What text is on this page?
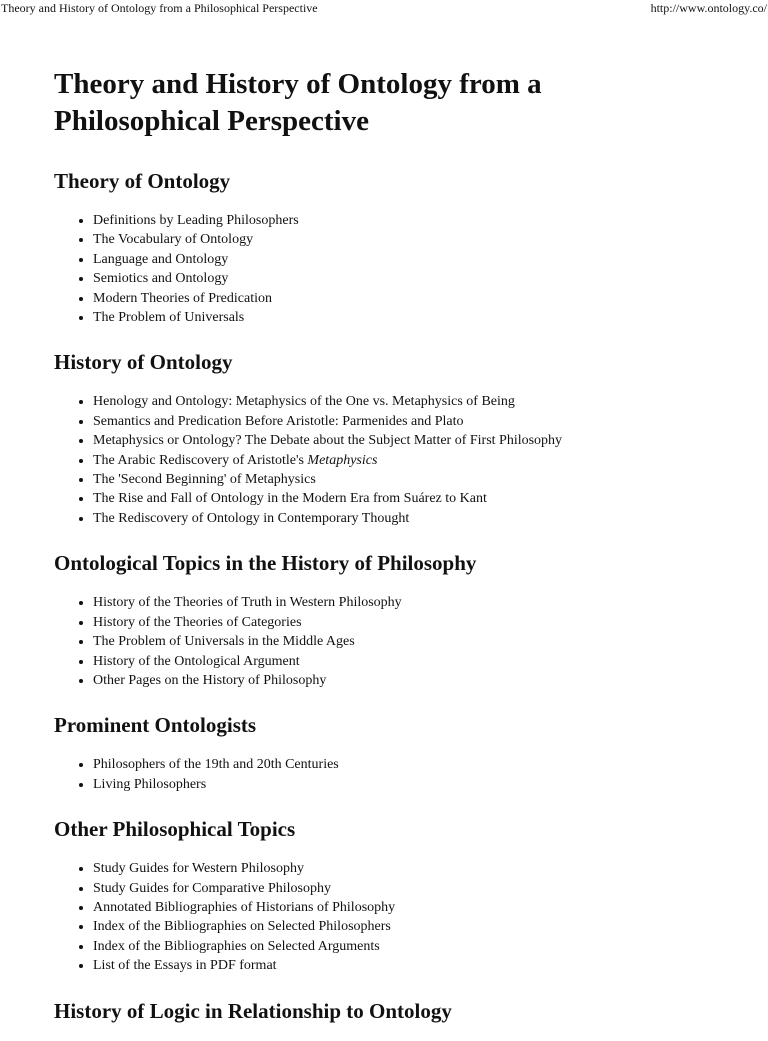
Theory and History of Ontology from a Philosophical Perspective	http://www.ontology.co/
Theory and History of Ontology from a Philosophical Perspective
Theory of Ontology
• Definitions by Leading Philosophers
• The Vocabulary of Ontology
• Language and Ontology
• Semiotics and Ontology
• Modern Theories of Predication
• The Problem of Universals
History of Ontology
• Henology and Ontology: Metaphysics of the One vs. Metaphysics of Being
• Semantics and Predication Before Aristotle: Parmenides and Plato
• Metaphysics or Ontology? The Debate about the Subject Matter of First Philosophy
• The Arabic Rediscovery of Aristotle's Metaphysics
• The 'Second Beginning' of Metaphysics
• The Rise and Fall of Ontology in the Modern Era from Suárez to Kant
• The Rediscovery of Ontology in Contemporary Thought
Ontological Topics in the History of Philosophy
• History of the Theories of Truth in Western Philosophy
• History of the Theories of Categories
• The Problem of Universals in the Middle Ages
• History of the Ontological Argument
• Other Pages on the History of Philosophy
Prominent Ontologists
• Philosophers of the 19th and 20th Centuries
• Living Philosophers
Other Philosophical Topics
• Study Guides for Western Philosophy
• Study Guides for Comparative Philosophy
• Annotated Bibliographies of Historians of Philosophy
• Index of the Bibliographies on Selected Philosophers
• Index of the Bibliographies on Selected Arguments
• List of the Essays in PDF format
History of Logic in Relationship to Ontology
